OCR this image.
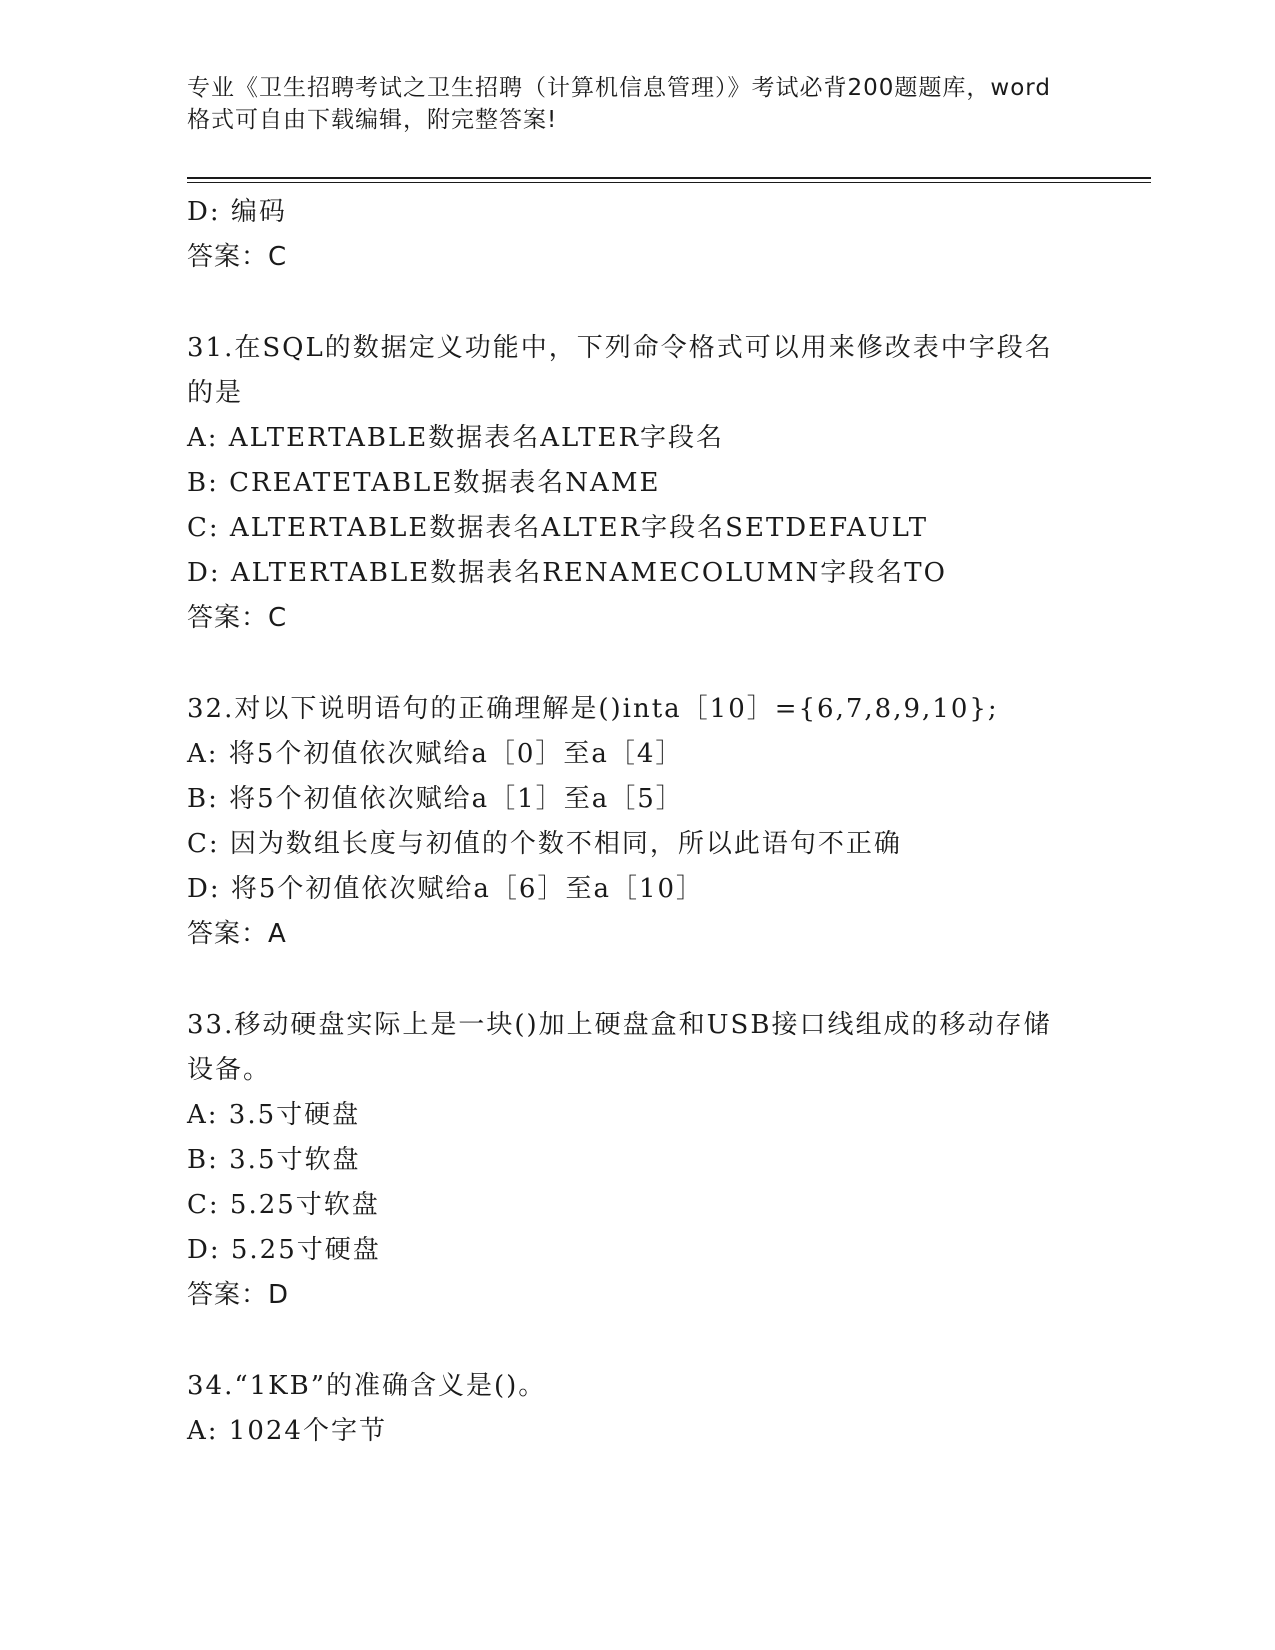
专业《卫生招聘考试之卫生招聘（计算机信息管理）》考试必背200题题库，word
格式可自由下载编辑，附完整答案!
D: 编码
答案：C
31.在SQL的数据定义功能中，下列命令格式可以用来修改表中字段名
的是
A: ALTERTABLE数据表名ALTER字段名
B: CREATETABLE数据表名NAME
C: ALTERTABLE数据表名ALTER字段名SETDEFAULT
D: ALTERTABLE数据表名RENAMECOLUMN字段名TO
答案：C
32.对以下说明语句的正确理解是()inta［10］={6,7,8,9,10};
A: 将5个初值依次赋给a［0］至a［4］
B: 将5个初值依次赋给a［1］至a［5］
C: 因为数组长度与初值的个数不相同，所以此语句不正确
D: 将5个初值依次赋给a［6］至a［10］
答案：A
33.移动硬盘实际上是一块()加上硬盘盒和USB接口线组成的移动存储
设备。
A: 3.5寸硬盘
B: 3.5寸软盘
C: 5.25寸软盘
D: 5.25寸硬盘
答案：D
34.“1KB”的准确含义是()。
A: 1024个字节
